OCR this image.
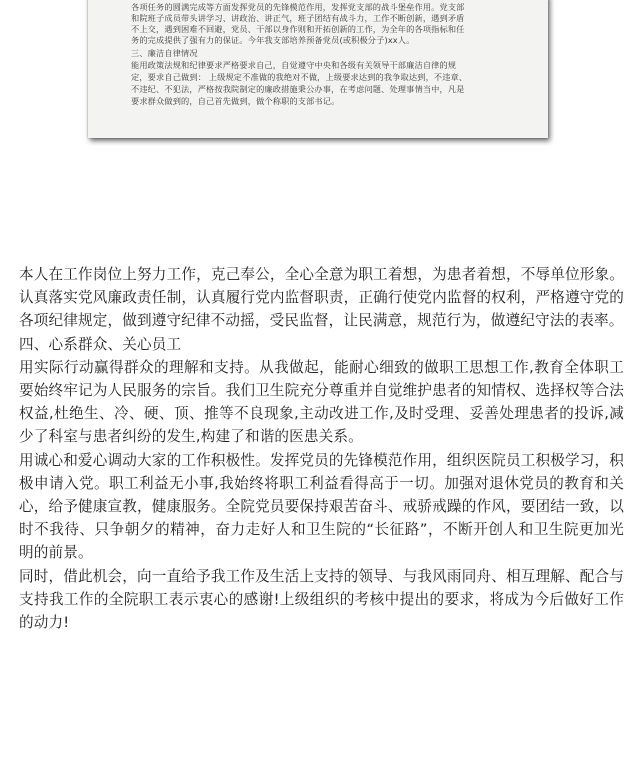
各项任务的圆满完成等方面发挥党员的先锋模范作用，发挥党支部的战斗堡垒作用。党支部
和院班子成员带头讲学习、讲政治、讲正气，班子团结有战斗力，工作不断创新，遇到矛盾
不上交，遇到困难不回避，党员、干部以身作则和开拓创新的工作，为全年的各项指标和任
务的完成提供了强有力的保证。今年我支部培养预备党员(或积极分子)xx人。
三、廉洁自律情况
能用政策法规和纪律要求严格要求自己，自觉遵守中央和各级有关领导干部廉洁自律的规
定，要求自己做到： 上级规定不准做的我绝对不做，上级要求达到的我争取达到，不违章、
不违纪、不犯法，严格按我院制定的廉政措施秉公办事，在考虑问题、处理事情当中，凡是
要求群众做到的，自己首先做到，做个称职的支部书记。

本人在工作岗位上努力工作，克己奉公，全心全意为职工着想，为患者着想，不辱单位形象。认真落实党风廉政责任制，认真履行党内监督职责，正确行使党内监督的权利，严格遵守党的各项纪律规定，做到遵守纪律不动摇，受民监督，让民满意，规范行为，做遵纪守法的表率。

四、心系群众、关心员工

用实际行动赢得群众的理解和支持。从我做起，能耐心细致的做职工思想工作,教育全体职工要始终牢记为人民服务的宗旨。我们卫生院充分尊重并自觉维护患者的知情权、选择权等合法权益,杜绝生、冷、硬、顶、推等不良现象,主动改进工作,及时受理、妥善处理患者的投诉,减少了科室与患者纠纷的发生,构建了和谐的医患关系。

用诚心和爱心调动大家的工作积极性。发挥党员的先锋模范作用，组织医院员工积极学习，积极申请入党。职工利益无小事,我始终将职工利益看得高于一切。加强对退休党员的教育和关心，给予健康宣教，健康服务。全院党员要保持艰苦奋斗、戒骄戒躁的作风，要团结一致，以时不我待、只争朝夕的精神，奋力走好人和卫生院的“长征路”，不断开创人和卫生院更加光明的前景。

同时，借此机会，向一直给予我工作及生活上支持的领导、与我风雨同舟、相互理解、配合与支持我工作的全院职工表示衷心的感谢!上级组织的考核中提出的要求，将成为今后做好工作的动力!
